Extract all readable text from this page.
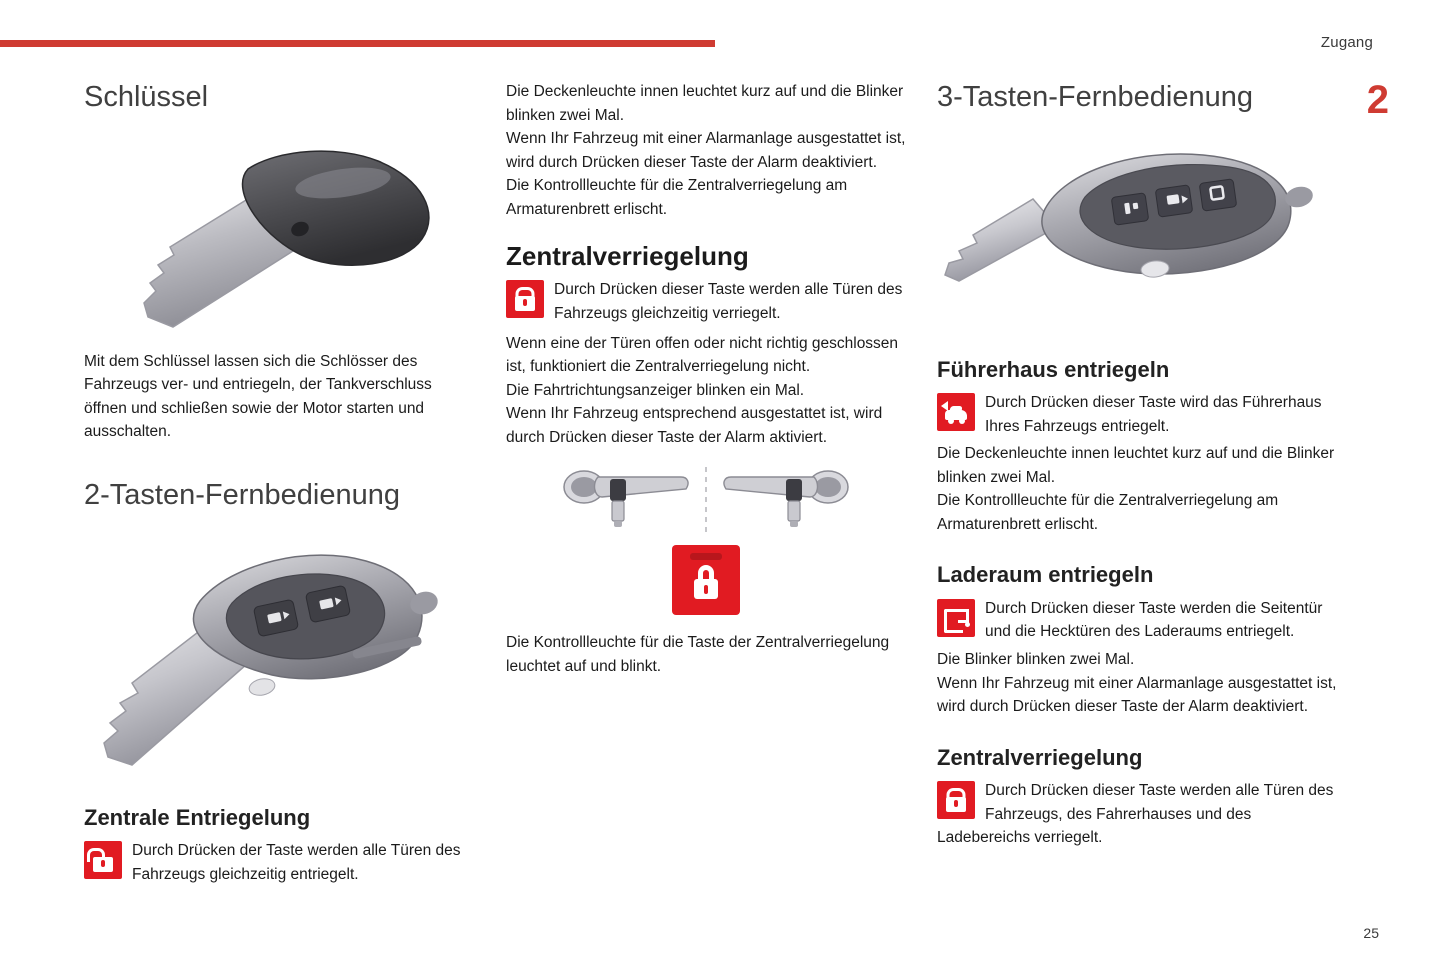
Zugang
2
25
Schlüssel

Mit dem Schlüssel lassen sich die Schlösser des Fahrzeugs ver- und entriegeln, der Tankverschluss öffnen und schließen sowie der Motor starten und ausschalten.

2-Tasten-Fernbedienung
Zentrale Entriegelung

Durch Drücken der Taste werden alle Türen des Fahrzeugs gleichzeitig entriegelt.

Die Deckenleuchte innen leuchtet kurz auf und die Blinker blinken zwei Mal.

Wenn Ihr Fahrzeug mit einer Alarmanlage ausgestattet ist, wird durch Drücken dieser Taste der Alarm deaktiviert.

Die Kontrollleuchte für die Zentralverriegelung am Armaturenbrett erlischt.

Zentralverriegelung

Durch Drücken dieser Taste werden alle Türen des Fahrzeugs gleichzeitig verriegelt.

Wenn eine der Türen offen oder nicht richtig geschlossen ist, funktioniert die Zentralverriegelung nicht.

Die Fahrtrichtungsanzeiger blinken ein Mal.

Wenn Ihr Fahrzeug entsprechend ausgestattet ist, wird durch Drücken dieser Taste der Alarm aktiviert.

Die Kontrollleuchte für die Taste der Zentralverriegelung leuchtet auf und blinkt.

3-Tasten-Fernbedienung
Führerhaus entriegeln

Durch Drücken dieser Taste wird das Führerhaus Ihres Fahrzeugs entriegelt.

Die Deckenleuchte innen leuchtet kurz auf und die Blinker blinken zwei Mal.

Die Kontrollleuchte für die Zentralverriegelung am Armaturenbrett erlischt.

Laderaum entriegeln

Durch Drücken dieser Taste werden die Seitentür und die Hecktüren des Laderaums entriegelt.

Die Blinker blinken zwei Mal.

Wenn Ihr Fahrzeug mit einer Alarmanlage ausgestattet ist, wird durch Drücken dieser Taste der Alarm deaktiviert.

Zentralverriegelung

Durch Drücken dieser Taste werden alle Türen des Fahrzeugs, des Fahrerhauses und des Ladebereichs verriegelt.
